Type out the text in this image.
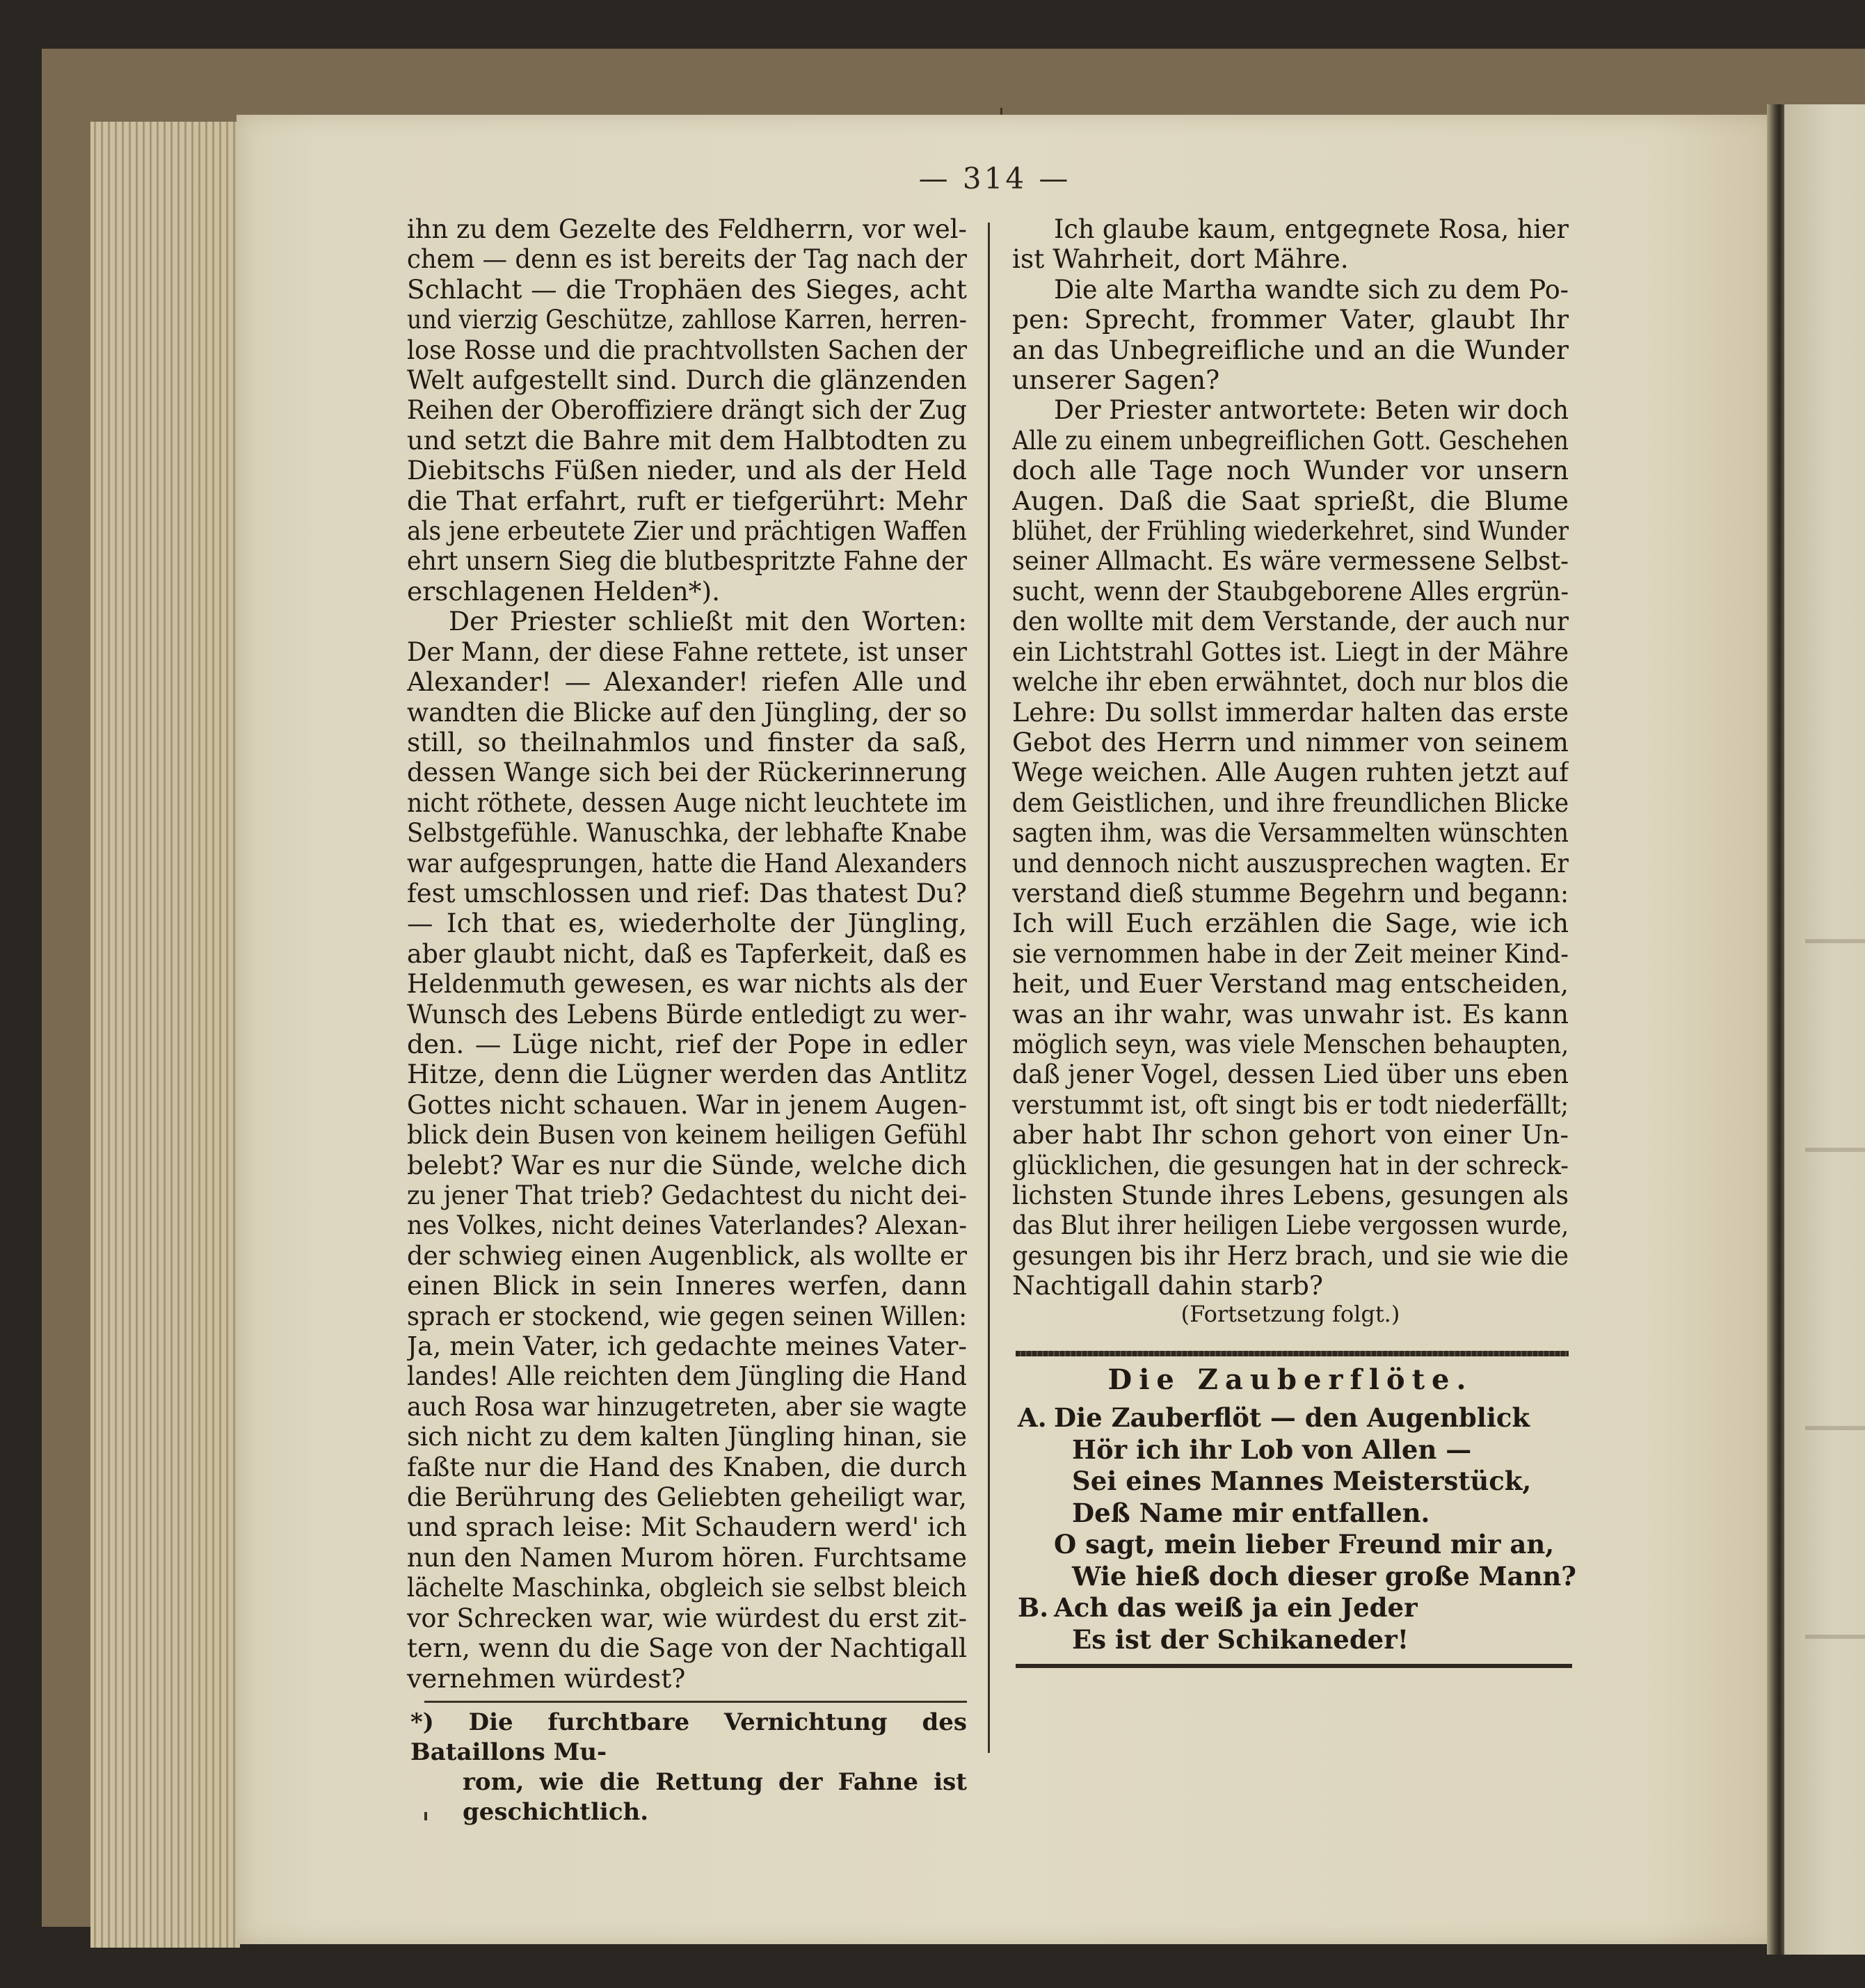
— 314 —
ihn zu dem Gezelte des Feldherrn, vor wel-
chem — denn es ist bereits der Tag nach der
Schlacht — die Trophäen des Sieges, acht
und vierzig Geschütze, zahllose Karren, herren-
lose Rosse und die prachtvollsten Sachen der
Welt aufgestellt sind. Durch die glänzenden
Reihen der Oberoffiziere drängt sich der Zug
und setzt die Bahre mit dem Halbtodten zu
Diebitschs Füßen nieder, und als der Held
die That erfahrt, ruft er tiefgerührt: Mehr
als jene erbeutete Zier und prächtigen Waffen
ehrt unsern Sieg die blutbespritzte Fahne der
erschlagenen Helden*).
Der Priester schließt mit den Worten:
Der Mann, der diese Fahne rettete, ist unser
Alexander! — Alexander! riefen Alle und
wandten die Blicke auf den Jüngling, der so
still, so theilnahmlos und finster da saß,
dessen Wange sich bei der Rückerinnerung
nicht röthete, dessen Auge nicht leuchtete im
Selbstgefühle. Wanuschka, der lebhafte Knabe
war aufgesprungen, hatte die Hand Alexanders
fest umschlossen und rief: Das thatest Du?
— Ich that es, wiederholte der Jüngling,
aber glaubt nicht, daß es Tapferkeit, daß es
Heldenmuth gewesen, es war nichts als der
Wunsch des Lebens Bürde entledigt zu wer-
den. — Lüge nicht, rief der Pope in edler
Hitze, denn die Lügner werden das Antlitz
Gottes nicht schauen. War in jenem Augen-
blick dein Busen von keinem heiligen Gefühl
belebt? War es nur die Sünde, welche dich
zu jener That trieb? Gedachtest du nicht dei-
nes Volkes, nicht deines Vaterlandes? Alexan-
der schwieg einen Augenblick, als wollte er
einen Blick in sein Inneres werfen, dann
sprach er stockend, wie gegen seinen Willen:
Ja, mein Vater, ich gedachte meines Vater-
landes! Alle reichten dem Jüngling die Hand
auch Rosa war hinzugetreten, aber sie wagte
sich nicht zu dem kalten Jüngling hinan, sie
faßte nur die Hand des Knaben, die durch
die Berührung des Geliebten geheiligt war,
und sprach leise: Mit Schaudern werd' ich
nun den Namen Murom hören. Furchtsame
lächelte Maschinka, obgleich sie selbst bleich
vor Schrecken war, wie würdest du erst zit-
tern, wenn du die Sage von der Nachtigall
vernehmen würdest?
*) Die furchtbare Vernichtung des Bataillons Mu-
rom, wie die Rettung der Fahne ist geschichtlich.
Ich glaube kaum, entgegnete Rosa, hier
ist Wahrheit, dort Mähre.
Die alte Martha wandte sich zu dem Po-
pen: Sprecht, frommer Vater, glaubt Ihr
an das Unbegreifliche und an die Wunder
unserer Sagen?
Der Priester antwortete: Beten wir doch
Alle zu einem unbegreiflichen Gott. Geschehen
doch alle Tage noch Wunder vor unsern
Augen. Daß die Saat sprießt, die Blume
blühet, der Frühling wiederkehret, sind Wunder
seiner Allmacht. Es wäre vermessene Selbst-
sucht, wenn der Staubgeborene Alles ergrün-
den wollte mit dem Verstande, der auch nur
ein Lichtstrahl Gottes ist. Liegt in der Mähre
welche ihr eben erwähntet, doch nur blos die
Lehre: Du sollst immerdar halten das erste
Gebot des Herrn und nimmer von seinem
Wege weichen. Alle Augen ruhten jetzt auf
dem Geistlichen, und ihre freundlichen Blicke
sagten ihm, was die Versammelten wünschten
und dennoch nicht auszusprechen wagten. Er
verstand dieß stumme Begehrn und begann:
Ich will Euch erzählen die Sage, wie ich
sie vernommen habe in der Zeit meiner Kind-
heit, und Euer Verstand mag entscheiden,
was an ihr wahr, was unwahr ist. Es kann
möglich seyn, was viele Menschen behaupten,
daß jener Vogel, dessen Lied über uns eben
verstummt ist, oft singt bis er todt niederfällt;
aber habt Ihr schon gehort von einer Un-
glücklichen, die gesungen hat in der schreck-
lichsten Stunde ihres Lebens, gesungen als
das Blut ihrer heiligen Liebe vergossen wurde,
gesungen bis ihr Herz brach, und sie wie die
Nachtigall dahin starb?
(Fortsetzung folgt.)
Die Zauberflöte.
A. Die Zauberflöt — den Augenblick
Hör ich ihr Lob von Allen —
Sei eines Mannes Meisterstück,
Deß Name mir entfallen.
O sagt, mein lieber Freund mir an,
Wie hieß doch dieser große Mann?
B. Ach das weiß ja ein Jeder
Es ist der Schikaneder!
